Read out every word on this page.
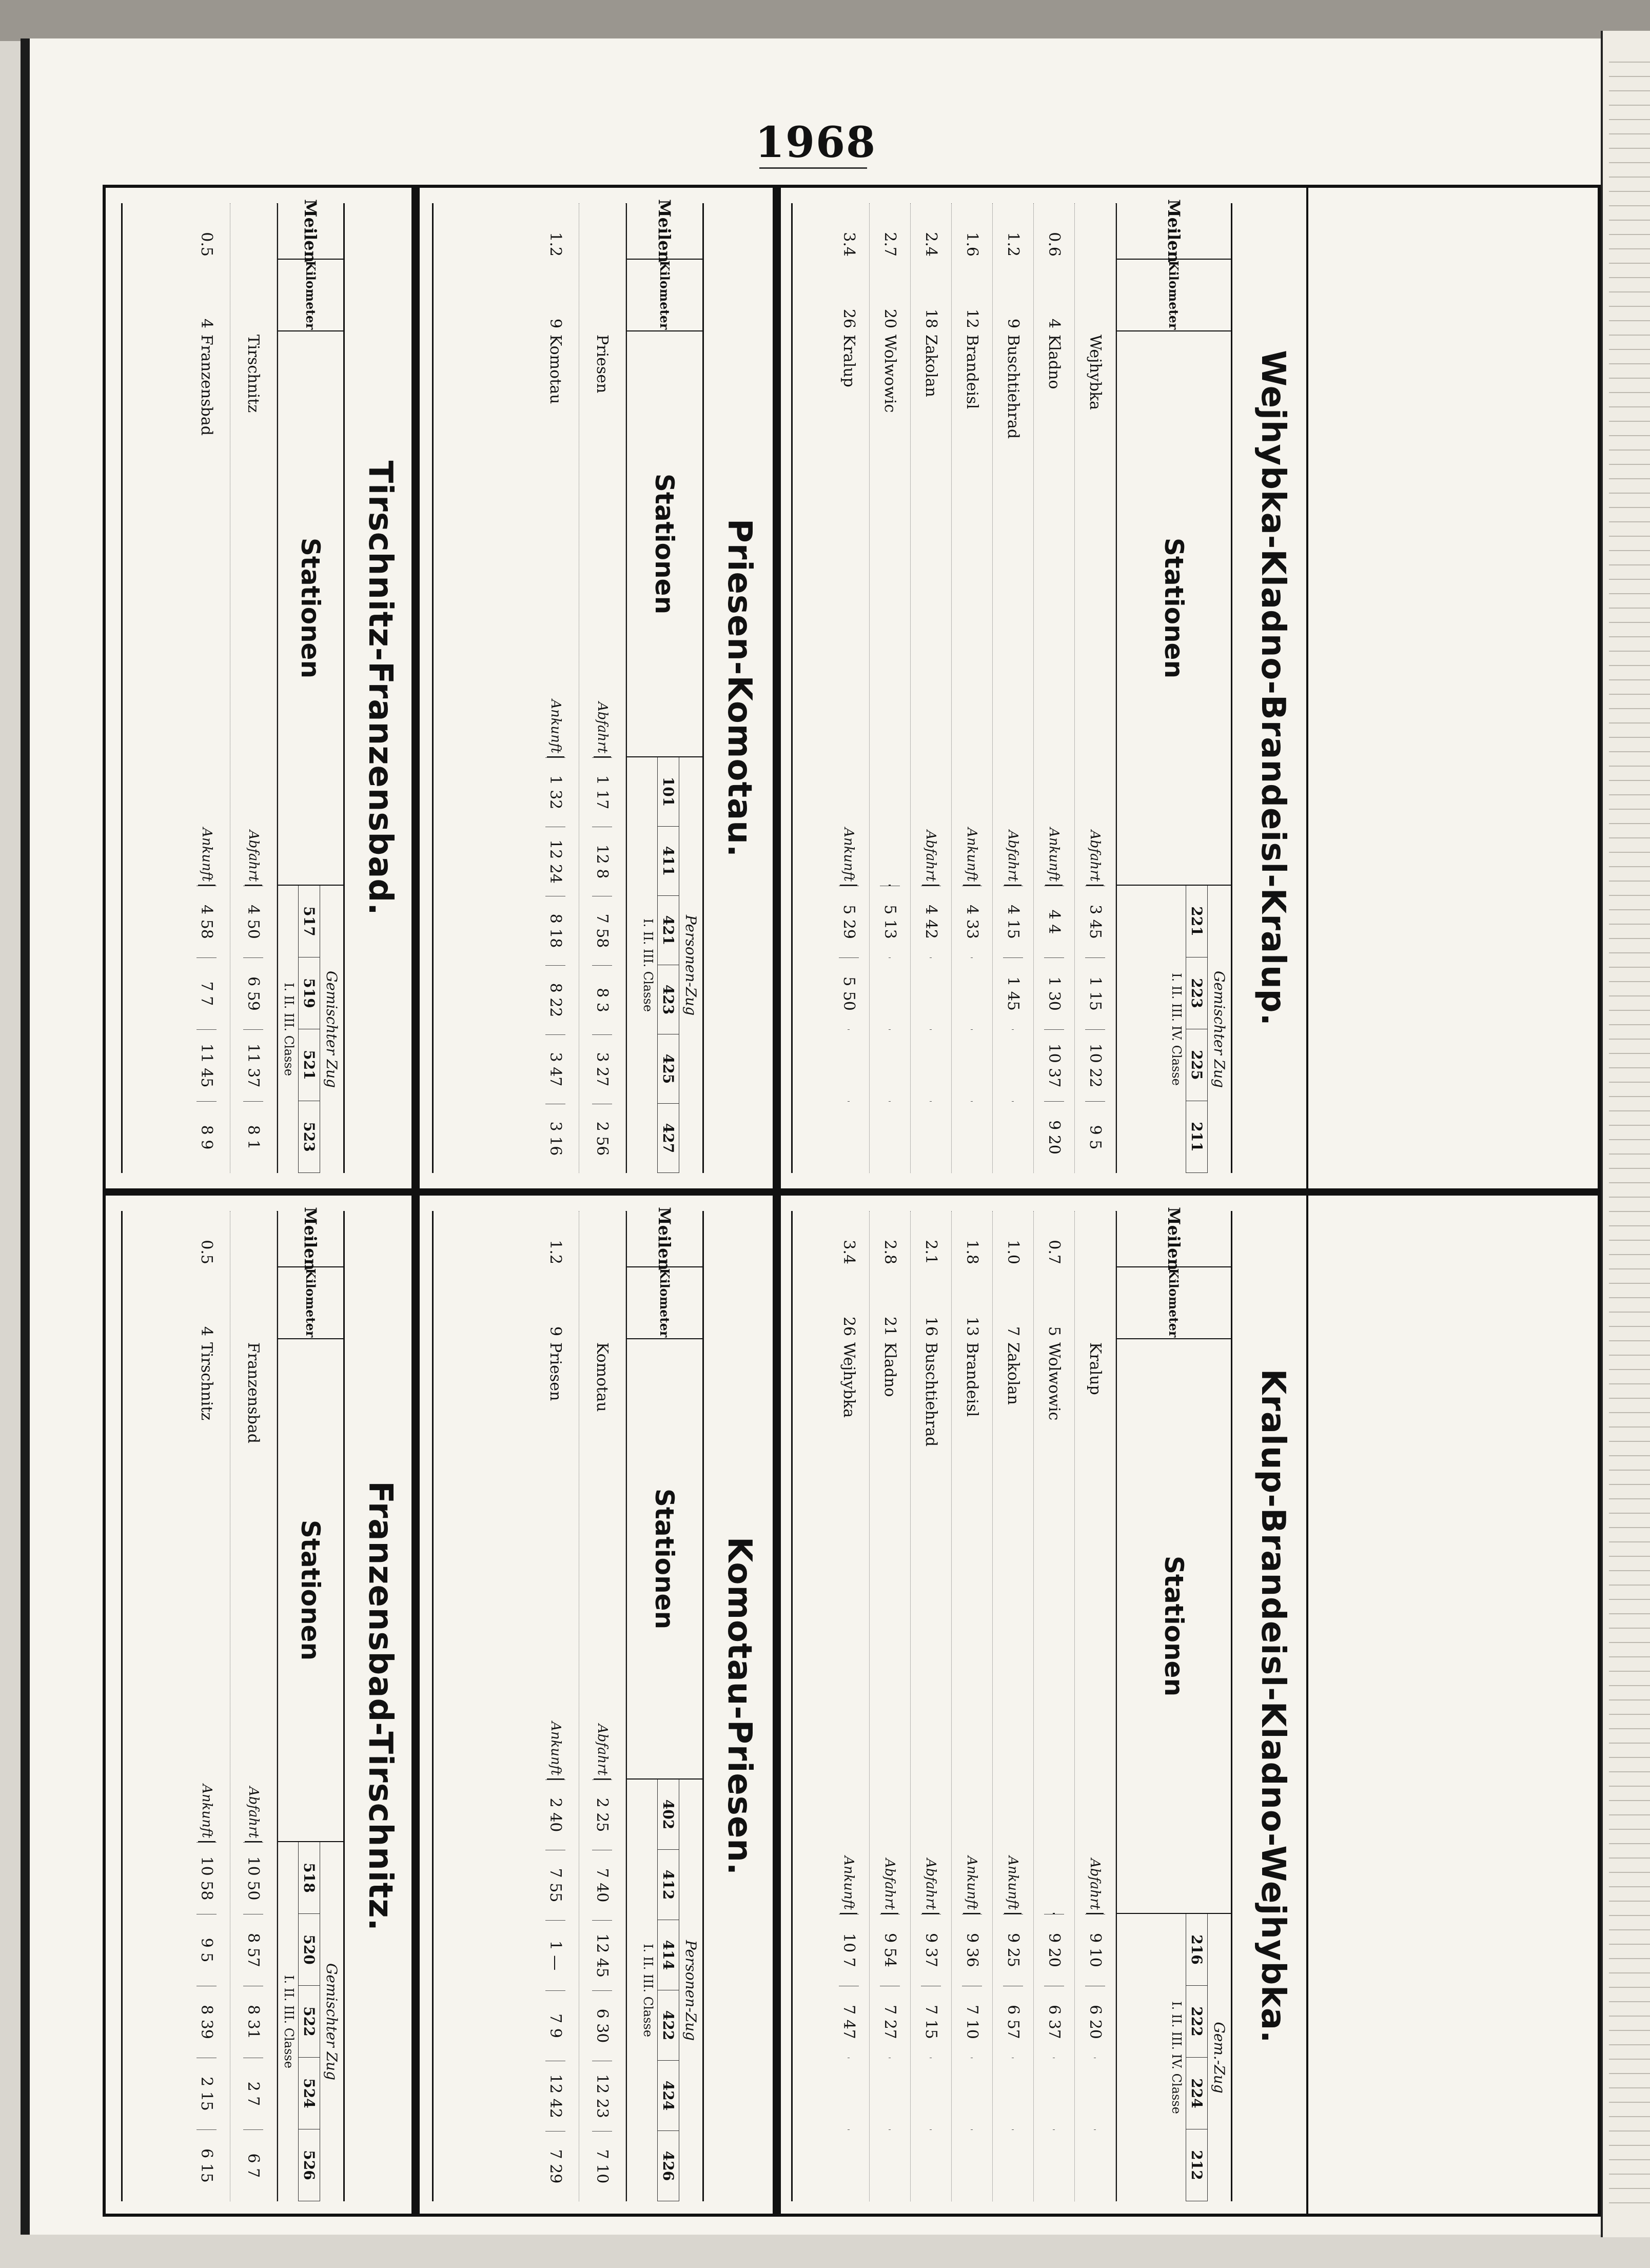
1968
Wejhybka-Kladno-Brandeisl-Kralup.
Meilen
Kilometer
Stationen
Gemischter Zug
221
223
225
211
I. II. III. IV. Classe
Wejhybka
Abfahrt
3 45
1 15
10 22
9 5
0.6
4
Kladno
Ankunft
4 4
1 30
10 37
9 20
1.2
9
Buschtiehrad
Abfahrt
4 15
1 45
1.6
12
Brandeisl
Ankunft
4 33
2.4
18
Zakolan
Abfahrt
4 42
2.7
20
Wolwowic
5 13
3.4
26
Kralup
Ankunft
5 29
5 50
Kralup-Brandeisl-Kladno-Wejhybka.
Meilen
Kilometer
Stationen
Gem.-Zug
216
222
224
212
I. II. III. IV. Classe
Kralup
Abfahrt
9 10
6 20
0.7
5
Wolwowic
9 20
6 37
1.0
7
Zakolan
Ankunft
9 25
6 57
1.8
13
Brandeisl
Ankunft
9 36
7 10
2.1
16
Buschtiehrad
Abfahrt
9 37
7 15
2.8
21
Kladno
Abfahrt
9 54
7 27
3.4
26
Wejhybka
Ankunft
10 7
7 47
Priesen-Komotau.
Meilen
Kilometer
Stationen
Personen-Zug
101
411
421
423
425
427
I. II. III. Classe
Priesen
Abfahrt
1 17
12 8
7 58
8 3
3 27
2 56
1.2
9
Komotau
Ankunft
1 32
12 24
8 18
8 22
3 47
3 16
Komotau-Priesen.
Meilen
Kilometer
Stationen
Personen-Zug
402
412
414
422
424
426
I. II. III. Classe
Komotau
Abfahrt
2 25
7 40
12 45
6 30
12 23
7 10
1.2
9
Priesen
Ankunft
2 40
7 55
1 —
7 9
12 42
7 29
Tirschnitz-Franzensbad.
Meilen
Kilometer
Stationen
Gemischter Zug
517
519
521
523
I. II. III. Classe
Tirschnitz
Abfahrt
4 50
6 59
11 37
8 1
0.5
4
Franzensbad
Ankunft
4 58
7 7
11 45
8 9
Franzensbad-Tirschnitz.
Meilen
Kilometer
Stationen
Gemischter Zug
518
520
522
524
526
I. II. III. Classe
Franzensbad
Abfahrt
10 50
8 57
8 31
2 7
6 7
0.5
4
Tirschnitz
Ankunft
10 58
9 5
8 39
2 15
6 15
